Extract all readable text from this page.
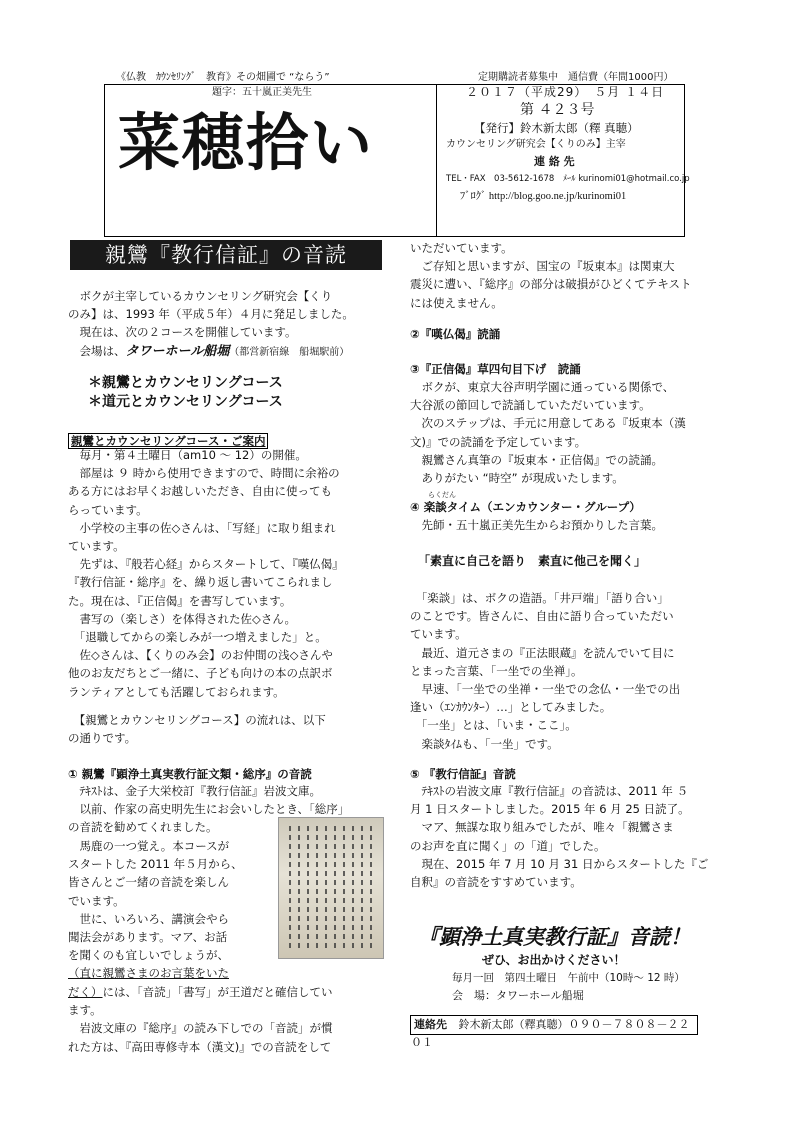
《仏教　ｶｳﾝｾﾘﾝｸﾞ　教育》その畑圃で “ならう”	定期購読者募集中　通信費（年間1000円）
題字：五十嵐正美先生
菜穂拾い
２０１７（平成29）　５月 １４日
第 ４２３号
【発行】鈴木新太郎（釋 真聴）
カウンセリング研究会【くりのみ】主宰
連 絡 先
TEL・FAX　03-5612-1678　ﾒｰﾙ kurinomi01@hotmail.co.jp
ﾌﾞﾛｸﾞ http://blog.goo.ne.jp/kurinomi01
親鸞『教行信証』の音読
　ボクが主宰しているカウンセリング研究会【くり
のみ】は、1993 年（平成５年）４月に発足しました。
　現在は、次の２コースを開催しています。
　会場は、タワーホール船堀（都営新宿線　船堀駅前）
＊親鸞とカウンセリングコース
＊道元とカウンセリングコース
親鸞とカウンセリングコース・ご案内
　毎月・第４土曜日（am10 ～ 12）の開催。
　部屋は ９ 時から使用できますので、時間に余裕の
ある方にはお早くお越しいただき、自由に使っても
らっています。
　小学校の主事の佐◇さんは、「写経」に取り組まれ
ています。
　先ずは、『般若心経』からスタートして、『嘆仏偈』
『教行信証・総序』を、繰り返し書いてこられまし
た。現在は、『正信偈』を書写しています。
　書写の（楽しさ）を体得された佐◇さん。
　「退職してからの楽しみが一つ増えました」と。
　佐◇さんは、【くりのみ会】のお仲間の浅◇さんや
他のお友だちとご一緒に、子ども向けの本の点訳ボ
ランティアとしても活躍しておられます。
　【親鸞とカウンセリングコース】の流れは、以下
の通りです。
① 親鸞『顕浄土真実教行証文類・総序』の音読
　ﾃｷｽﾄは、金子大栄校訂『教行信証』岩波文庫。
　以前、作家の高史明先生にお会いしたとき、｢総序｣
の音読を勧めてくれました。
　馬鹿の一つ覚え。本コースが
スタートした 2011 年５月から、
皆さんとご一緒の音読を楽しん
でいます。
　世に、いろいろ、講演会やら
聞法会があります。マア、お話
を聞くのも宜しいでしょうが、
（直に親鸞さまのお言葉をいた
だく）には、「音読」「書写」が王道だと確信してい
ます。
　岩波文庫の『総序』の読み下しでの「音読」が慣
れた方は、『高田専修寺本（漢文)』での音読をして
いただいています。
　ご存知と思いますが、国宝の『坂東本』は関東大
震災に遭い、『総序』の部分は破損がひどくてテキスト
には使えません。
②『嘆仏偈』読誦
③『正信偈』草四句目下げ　読誦
　ボクが、東京大谷声明学園に通っている関係で、
大谷派の節回しで読誦していただいています。
　次のステップは、手元に用意してある『坂東本（漢
文)』での読誦を予定しています。
　親鸞さん真筆の『坂東本・正信偈』での読誦。
　ありがたい “時空” が現成いたします。
らくだん
④ 楽談タイム（エンカウンター・グループ）
　先師・五十嵐正美先生からお預かりした言葉。
「素直に自己を語り　素直に他己を聞く」
　「楽談」は、ボクの造語。｢井戸端｣「語り合い」
のことです。皆さんに、自由に語り合っていただい
ています。
　最近、道元さまの『正法眼蔵』を読んでいて目に
とまった言葉、「一坐での坐禅」。
　早速、「一坐での坐禅・一坐での念仏・一坐での出
逢い（ｴﾝｶｳﾝﾀｰ）…」としてみました。
　「一坐」とは、「いま・ここ」。
　楽談ﾀｲﾑも、「一坐」です。
⑤ 『教行信証』音読
　ﾃｷｽﾄの岩波文庫『教行信証』の音読は、2011 年 ５
月 1 日スタートしました。2015 年 6 月 25 日読了。
　マア、無謀な取り組みでしたが、唯々「親鸞さま
のお声を直に聞く」の「道」でした。
　現在、2015 年 7 月 10 月 31 日からスタートした『ご
自釈』の音読をすすめています。
『顕浄土真実教行証』音読！
ぜひ、お出かけください！
毎月一回　第四土曜日　午前中（10時～ 12 時）
会　場：タワーホール船堀
連絡先 鈴木新太郎（釋真聴）０９０－７８０８－２２０１
